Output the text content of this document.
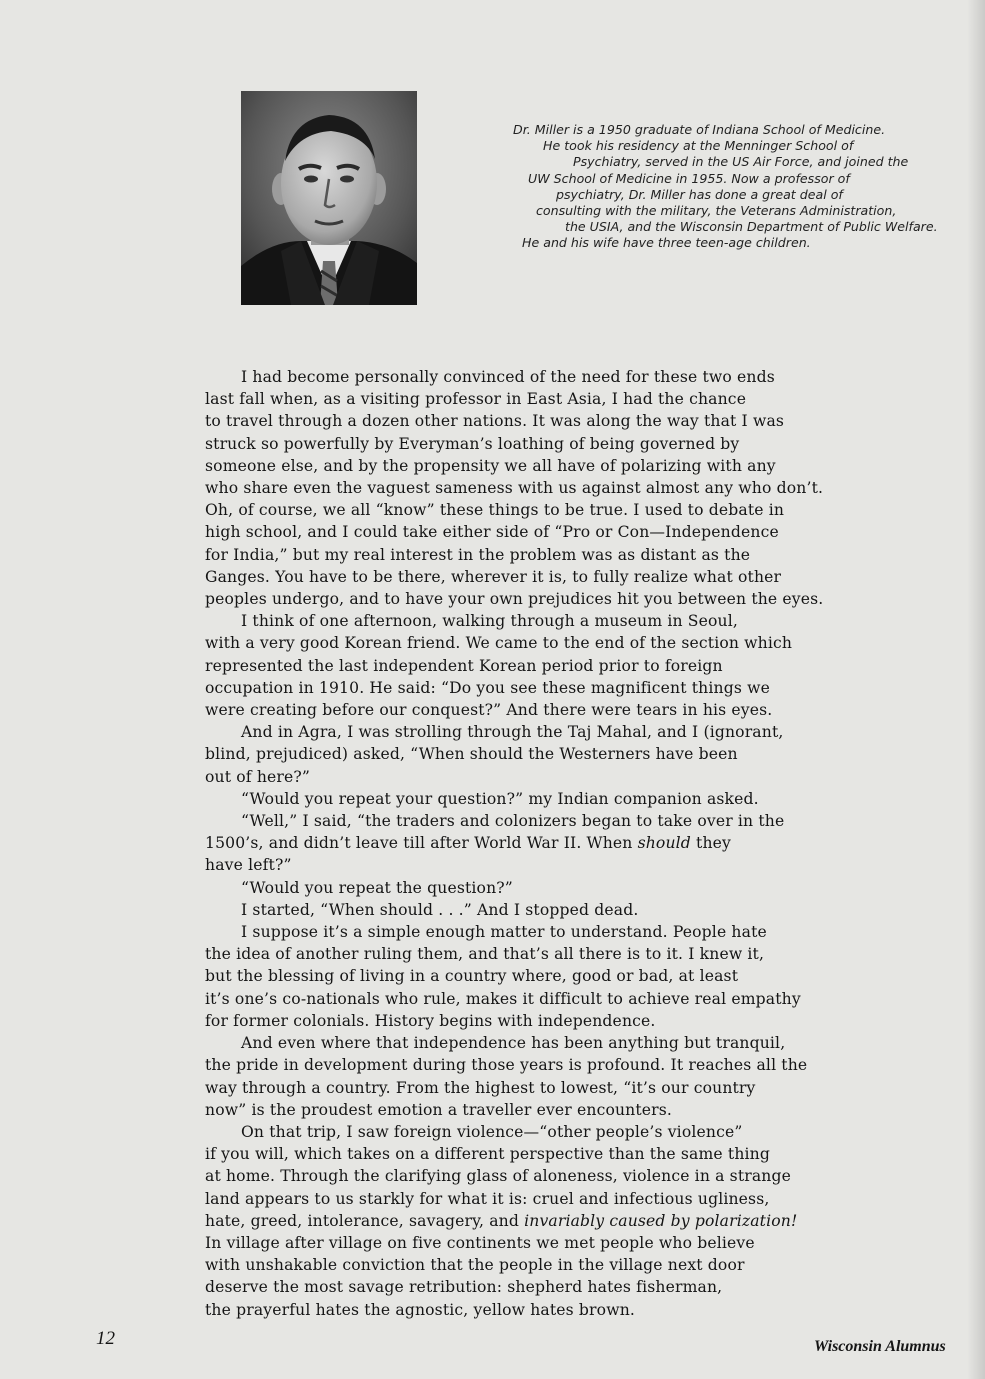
Dr. Miller is a 1950 graduate of Indiana School of Medicine.
He took his residency at the Menninger School of
Psychiatry, served in the US Air Force, and joined the
UW School of Medicine in 1955. Now a professor of
psychiatry, Dr. Miller has done a great deal of
consulting with the military, the Veterans Administration,
the USIA, and the Wisconsin Department of Public Welfare.
He and his wife have three teen-age children.
I had become personally convinced of the need for these two ends
last fall when, as a visiting professor in East Asia, I had the chance
to travel through a dozen other nations. It was along the way that I was
struck so powerfully by Everyman’s loathing of being governed by
someone else, and by the propensity we all have of polarizing with any
who share even the vaguest sameness with us against almost any who don’t.
Oh, of course, we all “know” these things to be true. I used to debate in
high school, and I could take either side of “Pro or Con—Independence
for India,” but my real interest in the problem was as distant as the
Ganges. You have to be there, wherever it is, to fully realize what other
peoples undergo, and to have your own prejudices hit you between the eyes.
I think of one afternoon, walking through a museum in Seoul,
with a very good Korean friend. We came to the end of the section which
represented the last independent Korean period prior to foreign
occupation in 1910. He said: “Do you see these magnificent things we
were creating before our conquest?” And there were tears in his eyes.
And in Agra, I was strolling through the Taj Mahal, and I (ignorant,
blind, prejudiced) asked, “When should the Westerners have been
out of here?”
“Would you repeat your question?” my Indian companion asked.
“Well,” I said, “the traders and colonizers began to take over in the
1500’s, and didn’t leave till after World War II. When should they
have left?”
“Would you repeat the question?”
I started, “When should . . .” And I stopped dead.
I suppose it’s a simple enough matter to understand. People hate
the idea of another ruling them, and that’s all there is to it. I knew it,
but the blessing of living in a country where, good or bad, at least
it’s one’s co-nationals who rule, makes it difficult to achieve real empathy
for former colonials. History begins with independence.
And even where that independence has been anything but tranquil,
the pride in development during those years is profound. It reaches all the
way through a country. From the highest to lowest, “it’s our country
now” is the proudest emotion a traveller ever encounters.
On that trip, I saw foreign violence—“other people’s violence”
if you will, which takes on a different perspective than the same thing
at home. Through the clarifying glass of aloneness, violence in a strange
land appears to us starkly for what it is: cruel and infectious ugliness,
hate, greed, intolerance, savagery, and invariably caused by polarization!
In village after village on five continents we met people who believe
with unshakable conviction that the people in the village next door
deserve the most savage retribution: shepherd hates fisherman,
the prayerful hates the agnostic, yellow hates brown.
12	Wisconsin Alumnus
